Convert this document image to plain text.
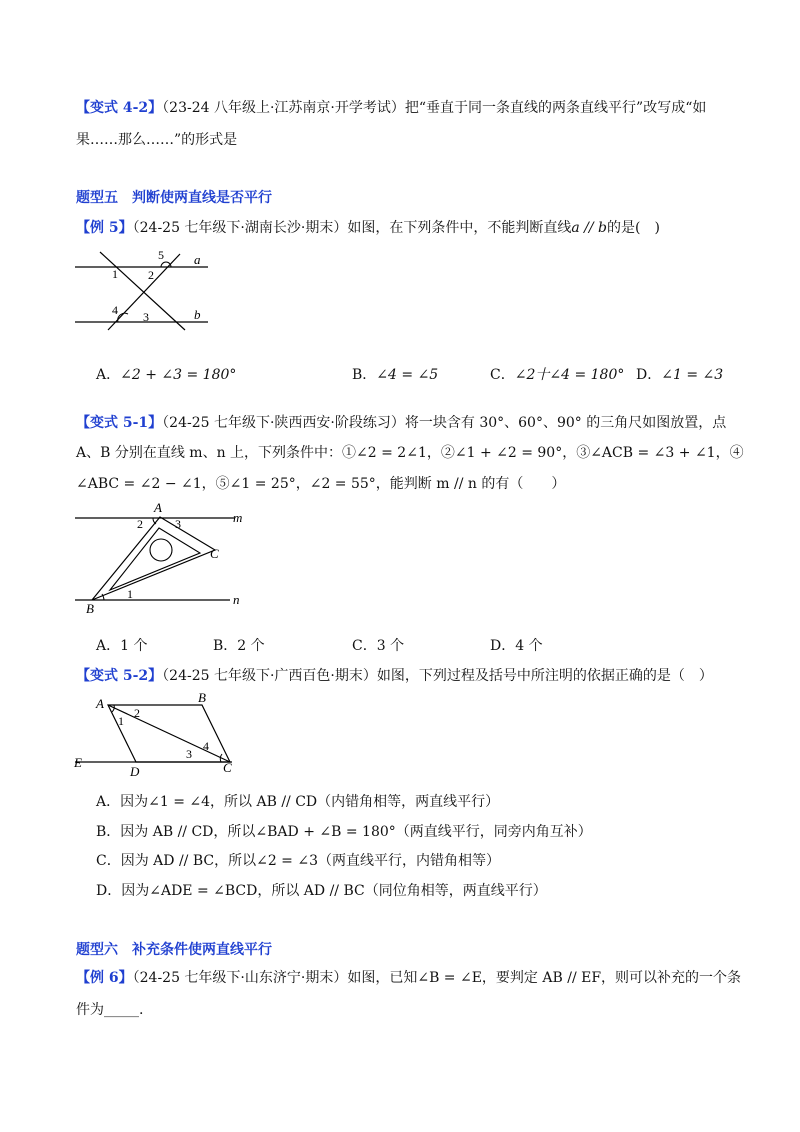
【变式 4-2】（23-24 八年级上·江苏南京·开学考试）把“垂直于同一条直线的两条直线平行”改写成“如
果……那么……”的形式是
题型五　判断使两直线是否平行
【例 5】（24-25 七年级下·湖南长沙·期末）如图，在下列条件中，不能判断直线a // b的是(　)
a
b
1	2
5
4 3
A．∠2 + ∠3 = 180°	B．∠4 = ∠5	C．∠2十∠4 = 180° D．∠1 = ∠3
【变式 5-1】（24-25 七年级下·陕西西安·阶段练习）将一块含有 30°、60°、90° 的三角尺如图放置，点
A、B 分别在直线 m、n 上，下列条件中：①∠2 = 2∠1，②∠1 + ∠2 = 90°，③∠ACB = ∠3 + ∠1，④
∠ABC = ∠2 − ∠1，⑤∠1 = 25°，∠2 = 55°，能判断 m // n 的有（　　）
m
n
A
B
C
2	3
1
A．1 个	B．2 个	C．3 个	D．4 个
【变式 5-2】（24-25 七年级下·广西百色·期末）如图，下列过程及括号中所注明的依据正确的是（　）
A	B
C
D
E
1
2
3
4
A．因为∠1 = ∠4，所以 AB // CD（内错角相等，两直线平行）
B．因为 AB // CD，所以∠BAD + ∠B = 180°（两直线平行，同旁内角互补）
C．因为 AD // BC，所以∠2 = ∠3（两直线平行，内错角相等）
D．因为∠ADE = ∠BCD，所以 AD // BC（同位角相等，两直线平行）
题型六　补充条件使两直线平行
【例 6】（24-25 七年级下·山东济宁·期末）如图，已知∠B = ∠E，要判定 AB // EF，则可以补充的一个条
件为_____.
